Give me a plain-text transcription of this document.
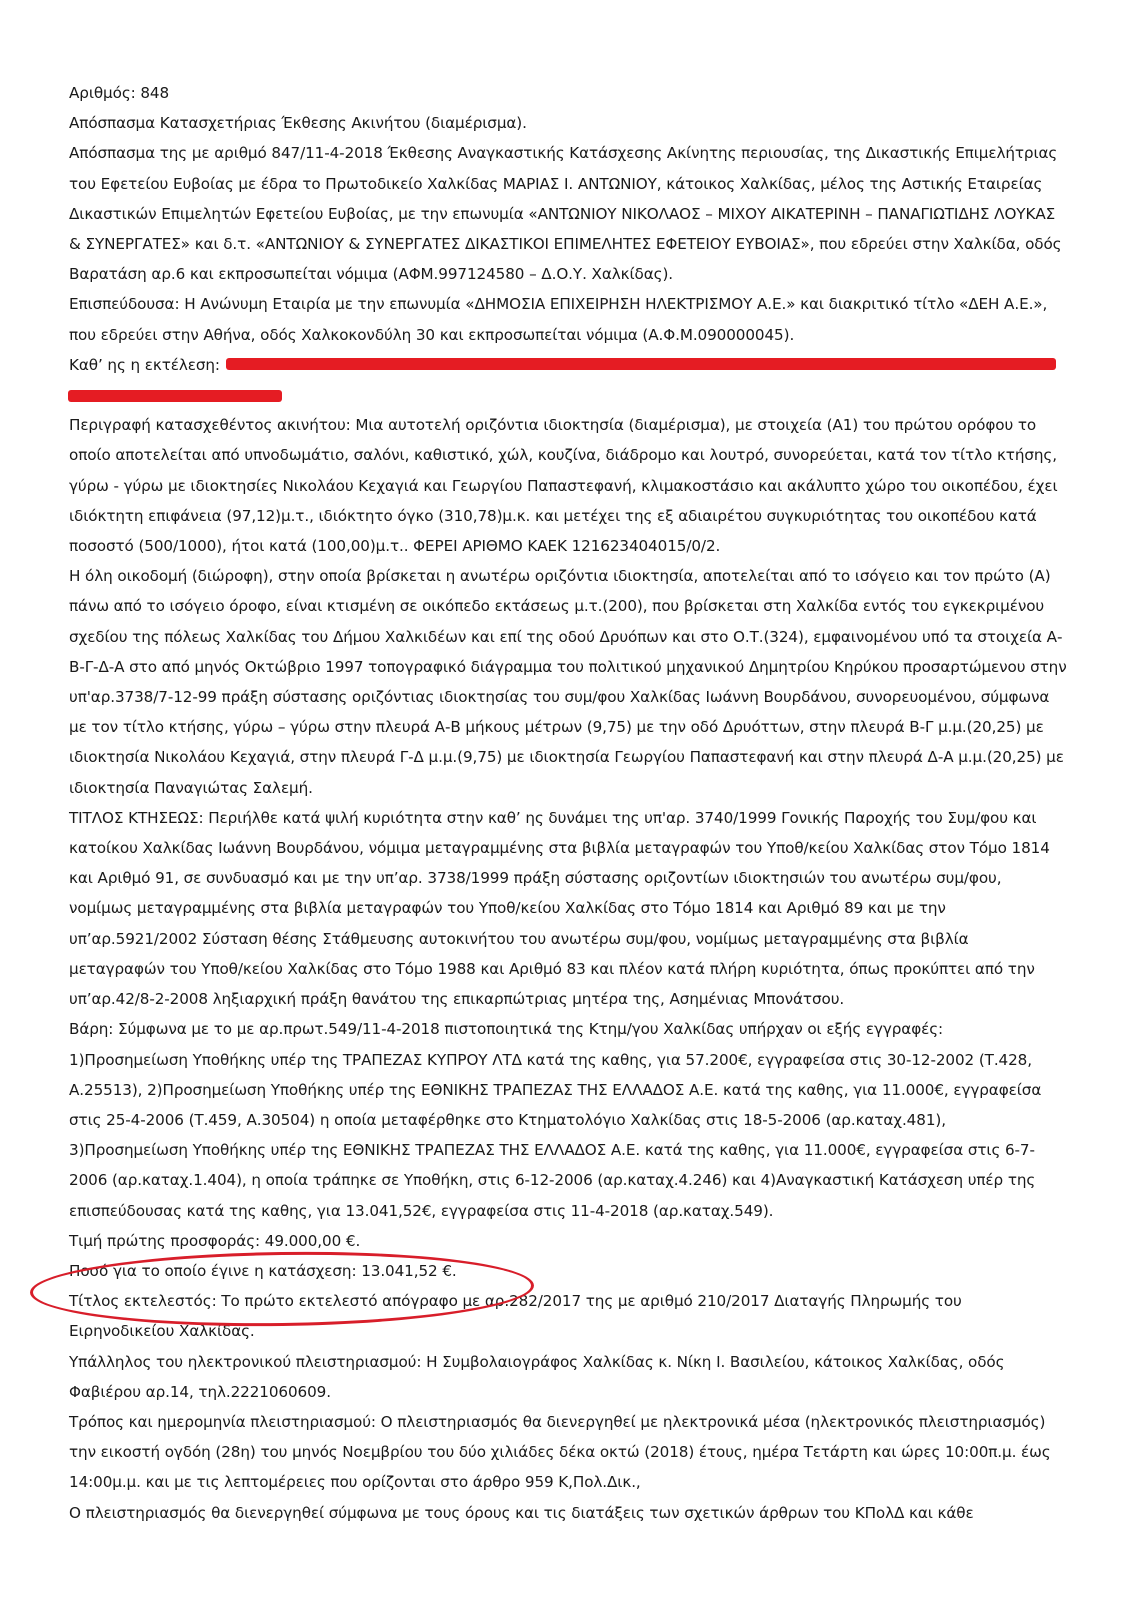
Αριθμός: 848

Απόσπασμα Κατασχετήριας Έκθεσης Ακινήτου (διαμέρισμα).

Απόσπασμα της με αριθμό 847/11-4-2018 Έκθεσης Αναγκαστικής Κατάσχεσης Ακίνητης περιουσίας, της Δικαστικής Επιμελήτριας του Εφετείου Ευβοίας με έδρα το Πρωτοδικείο Χαλκίδας ΜΑΡΙΑΣ Ι. ΑΝΤΩΝΙΟΥ, κάτοικος Χαλκίδας, μέλος της Αστικής Εταιρείας Δικαστικών Επιμελητών Εφετείου Ευβοίας, με την επωνυμία «ΑΝΤΩΝΙΟΥ ΝΙΚΟΛΑΟΣ – ΜΙΧΟΥ ΑΙΚΑΤΕΡΙΝΗ – ΠΑΝΑΓΙΩΤΙΔΗΣ ΛΟΥΚΑΣ & ΣΥΝΕΡΓΑΤΕΣ» και δ.τ. «ΑΝΤΩΝΙΟΥ & ΣΥΝΕΡΓΑΤΕΣ ΔΙΚΑΣΤΙΚΟΙ ΕΠΙΜΕΛΗΤΕΣ ΕΦΕΤΕΙΟΥ ΕΥΒΟΙΑΣ», που εδρεύει στην Χαλκίδα, οδός Βαρατάση αρ.6 και εκπροσωπείται νόμιμα (ΑΦΜ.997124580 – Δ.Ο.Υ. Χαλκίδας).

Επισπεύδουσα: Η Ανώνυμη Εταιρία με την επωνυμία «ΔΗΜΟΣΙΑ ΕΠΙΧΕΙΡΗΣΗ ΗΛΕΚΤΡΙΣΜΟΥ Α.Ε.» και διακριτικό τίτλο «ΔΕΗ Α.Ε.», που εδρεύει στην Αθήνα, οδός Χαλκοκονδύλη 30 και εκπροσωπείται νόμιμα (Α.Φ.Μ.090000045).

Καθ’ ης η εκτέλεση:

Περιγραφή κατασχεθέντος ακινήτου: Μια αυτοτελή οριζόντια ιδιοκτησία (διαμέρισμα), με στοιχεία (Α1) του πρώτου ορόφου το οποίο αποτελείται από υπνοδωμάτιο, σαλόνι, καθιστικό, χώλ, κουζίνα, διάδρομο και λουτρό, συνορεύεται, κατά τον τίτλο κτήσης, γύρω - γύρω με ιδιοκτησίες Νικολάου Κεχαγιά και Γεωργίου Παπαστεφανή, κλιμακοστάσιο και ακάλυπτο χώρο του οικοπέδου, έχει ιδιόκτητη επιφάνεια (97,12)μ.τ., ιδιόκτητο όγκο (310,78)μ.κ. και μετέχει της εξ αδιαιρέτου συγκυριότητας του οικοπέδου κατά ποσοστό (500/1000), ήτοι κατά (100,00)μ.τ.. ΦΕΡΕΙ ΑΡΙΘΜΟ ΚΑΕΚ 121623404015/0/2.

Η όλη οικοδομή (διώροφη), στην οποία βρίσκεται η ανωτέρω οριζόντια ιδιοκτησία, αποτελείται από το ισόγειο και τον πρώτο (Α) πάνω από το ισόγειο όροφο, είναι κτισμένη σε οικόπεδο εκτάσεως μ.τ.(200), που βρίσκεται στη Χαλκίδα εντός του εγκεκριμένου σχεδίου της πόλεως Χαλκίδας του Δήμου Χαλκιδέων και επί της οδού Δρυόπων και στο Ο.Τ.(324), εμφαινομένου υπό τα στοιχεία Α-Β-Γ-Δ-Α στο από μηνός Οκτώβριο 1997 τοπογραφικό διάγραμμα του πολιτικού μηχανικού Δημητρίου Κηρύκου προσαρτώμενου στην υπ'αρ.3738/7-12-99 πράξη σύστασης οριζόντιας ιδιοκτησίας του συμ/φου Χαλκίδας Ιωάννη Βουρδάνου, συνορευομένου, σύμφωνα με τον τίτλο κτήσης, γύρω – γύρω στην πλευρά Α-Β μήκους μέτρων (9,75) με την οδό Δρυόττων, στην πλευρά Β-Γ μ.μ.(20,25) με ιδιοκτησία Νικολάου Κεχαγιά, στην πλευρά Γ-Δ μ.μ.(9,75) με ιδιοκτησία Γεωργίου Παπαστεφανή και στην πλευρά Δ-Α μ.μ.(20,25) με ιδιοκτησία Παναγιώτας Σαλεμή.

ΤΙΤΛΟΣ ΚΤΗΣΕΩΣ: Περιήλθε κατά ψιλή κυριότητα στην καθ’ ης δυνάμει της υπ'αρ. 3740/1999 Γονικής Παροχής του Συμ/φου και κατοίκου Χαλκίδας Ιωάννη Βουρδάνου, νόμιμα μεταγραμμένης στα βιβλία μεταγραφών του Υποθ/κείου Χαλκίδας στον Τόμο 1814 και Αριθμό 91, σε συνδυασμό και με την υπ’αρ. 3738/1999 πράξη σύστασης οριζοντίων ιδιοκτησιών του ανωτέρω συμ/φου, νομίμως μεταγραμμένης στα βιβλία μεταγραφών του Υποθ/κείου Χαλκίδας στο Τόμο 1814 και Αριθμό 89 και με την υπ’αρ.5921/2002 Σύσταση θέσης Στάθμευσης αυτοκινήτου του ανωτέρω συμ/φου, νομίμως μεταγραμμένης στα βιβλία μεταγραφών του Υποθ/κείου Χαλκίδας στο Τόμο 1988 και Αριθμό 83 και πλέον κατά πλήρη κυριότητα, όπως προκύπτει από την υπ’αρ.42/8-2-2008 ληξιαρχική πράξη θανάτου της επικαρπώτριας μητέρα της, Ασημένιας Μπονάτσου.

Βάρη: Σύμφωνα με το με αρ.πρωτ.549/11-4-2018 πιστοποιητικά της Κτημ/γου Χαλκίδας υπήρχαν οι εξής εγγραφές:

1)Προσημείωση Υποθήκης υπέρ της ΤΡΑΠΕΖΑΣ ΚΥΠΡΟΥ ΛΤΔ κατά της καθης, για 57.200€, εγγραφείσα στις 30-12-2002 (Τ.428, Α.25513), 2)Προσημείωση Υποθήκης υπέρ της ΕΘΝΙΚΗΣ ΤΡΑΠΕΖΑΣ ΤΗΣ ΕΛΛΑΔΟΣ Α.Ε. κατά της καθης, για 11.000€, εγγραφείσα στις 25-4-2006 (Τ.459, Α.30504) η οποία μεταφέρθηκε στο Κτηματολόγιο Χαλκίδας στις 18-5-2006 (αρ.καταχ.481),

3)Προσημείωση Υποθήκης υπέρ της ΕΘΝΙΚΗΣ ΤΡΑΠΕΖΑΣ ΤΗΣ ΕΛΛΑΔΟΣ Α.Ε. κατά της καθης, για 11.000€, εγγραφείσα στις 6-7-2006 (αρ.καταχ.1.404), η οποία τράπηκε σε Υποθήκη, στις 6-12-2006 (αρ.καταχ.4.246) και 4)Αναγκαστική Κατάσχεση υπέρ της επισπεύδουσας κατά της καθης, για 13.041,52€, εγγραφείσα στις 11-4-2018 (αρ.καταχ.549).

Τιμή πρώτης προσφοράς: 49.000,00 €.

Ποσό για το οποίο έγινε η κατάσχεση: 13.041,52 €.

Τίτλος εκτελεστός: Το πρώτο εκτελεστό απόγραφο με αρ.282/2017 της με αριθμό 210/2017 Διαταγής Πληρωμής του Ειρηνοδικείου Χαλκίδας.

Υπάλληλος του ηλεκτρονικού πλειστηριασμού: Η Συμβολαιογράφος Χαλκίδας κ. Νίκη Ι. Βασιλείου, κάτοικος Χαλκίδας, οδός Φαβιέρου αρ.14, τηλ.2221060609.

Τρόπος και ημερομηνία πλειστηριασμού: Ο πλειστηριασμός θα διενεργηθεί με ηλεκτρονικά μέσα (ηλεκτρονικός πλειστηριασμός) την εικοστή ογδόη (28η) του μηνός Νοεμβρίου του δύο χιλιάδες δέκα οκτώ (2018) έτους, ημέρα Τετάρτη και ώρες 10:00π.μ. έως 14:00μ.μ. και με τις λεπτομέρειες που ορίζονται στο άρθρο 959 Κ,Πολ.Δικ.,

Ο πλειστηριασμός θα διενεργηθεί σύμφωνα με τους όρους και τις διατάξεις των σχετικών άρθρων του ΚΠολΔ και κάθε
